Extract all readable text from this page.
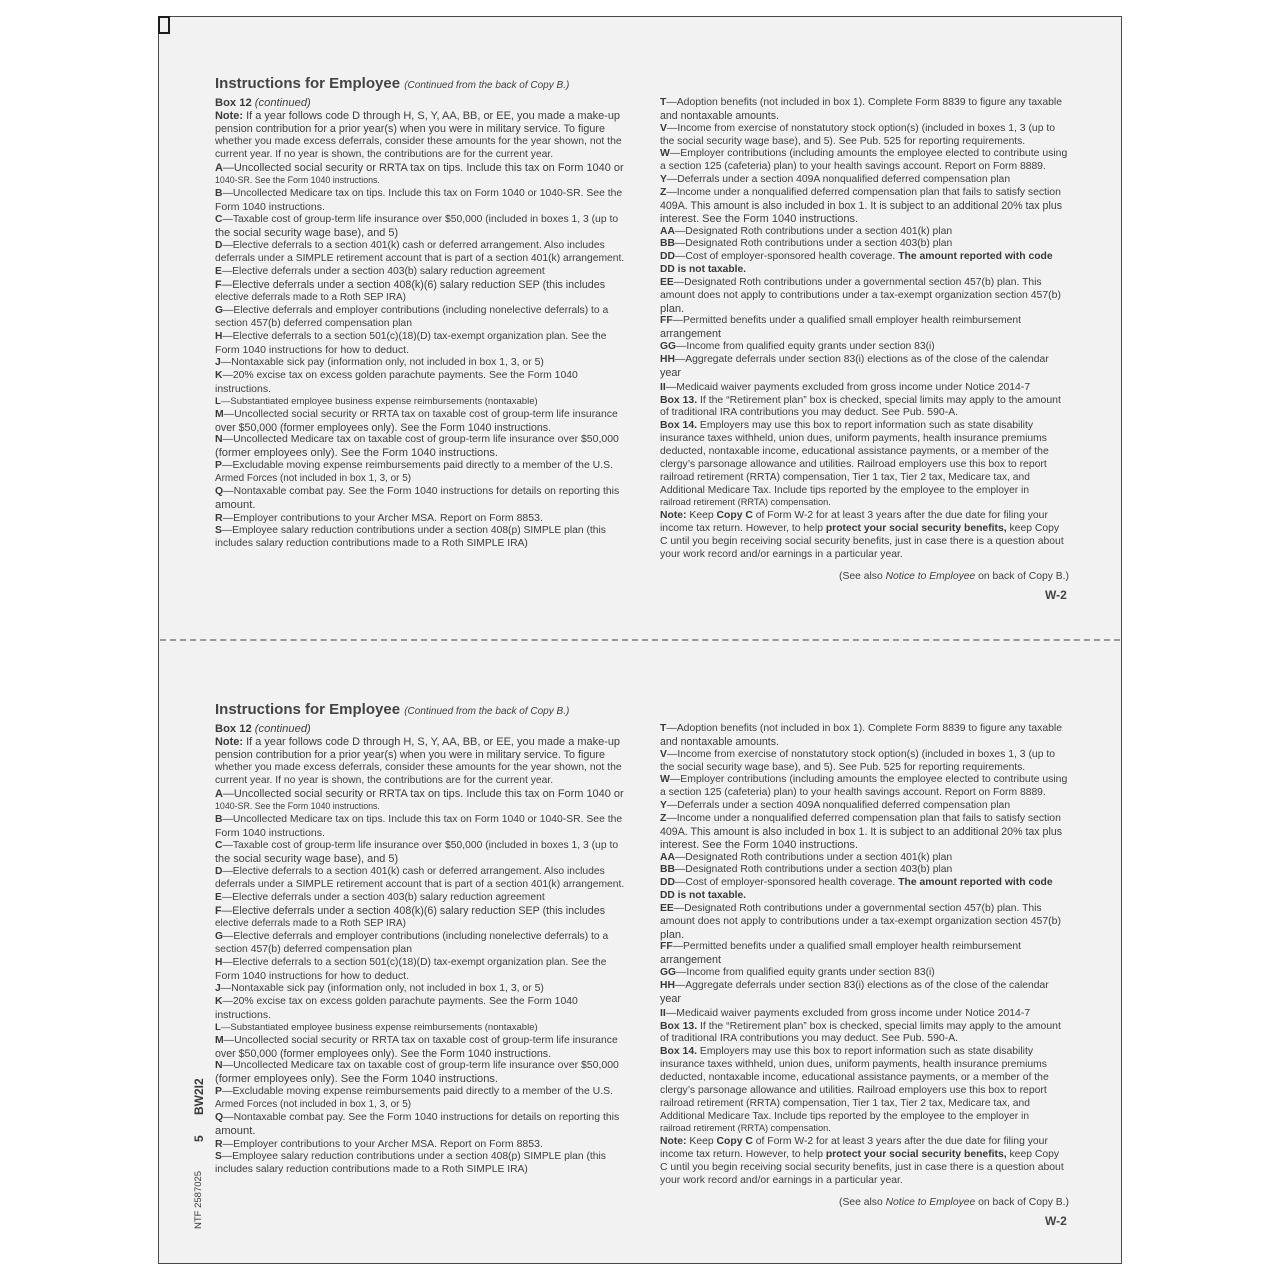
Instructions for Employee (Continued from the back of Copy B.)
Box 12 (continued)
Note: If a year follows code D through H, S, Y, AA, BB, or EE, you made a make-up
pension contribution for a prior year(s) when you were in military service. To figure
whether you made excess deferrals, consider these amounts for the year shown, not the
current year. If no year is shown, the contributions are for the current year.
A—Uncollected social security or RRTA tax on tips. Include this tax on Form 1040 or
1040-SR. See the Form 1040 instructions.
B—Uncollected Medicare tax on tips. Include this tax on Form 1040 or 1040-SR. See the
Form 1040 instructions.
C—Taxable cost of group-term life insurance over $50,000 (included in boxes 1, 3 (up to
the social security wage base), and 5)
D—Elective deferrals to a section 401(k) cash or deferred arrangement. Also includes
deferrals under a SIMPLE retirement account that is part of a section 401(k) arrangement.
E—Elective deferrals under a section 403(b) salary reduction agreement
F—Elective deferrals under a section 408(k)(6) salary reduction SEP (this includes
elective deferrals made to a Roth SEP IRA)
G—Elective deferrals and employer contributions (including nonelective deferrals) to a
section 457(b) deferred compensation plan
H—Elective deferrals to a section 501(c)(18)(D) tax-exempt organization plan. See the
Form 1040 instructions for how to deduct.
J—Nontaxable sick pay (information only, not included in box 1, 3, or 5)
K—20% excise tax on excess golden parachute payments. See the Form 1040
instructions.
L—Substantiated employee business expense reimbursements (nontaxable)
M—Uncollected social security or RRTA tax on taxable cost of group-term life insurance
over $50,000 (former employees only). See the Form 1040 instructions.
N—Uncollected Medicare tax on taxable cost of group-term life insurance over $50,000
(former employees only). See the Form 1040 instructions.
P—Excludable moving expense reimbursements paid directly to a member of the U.S.
Armed Forces (not included in box 1, 3, or 5)
Q—Nontaxable combat pay. See the Form 1040 instructions for details on reporting this
amount.
R—Employer contributions to your Archer MSA. Report on Form 8853.
S—Employee salary reduction contributions under a section 408(p) SIMPLE plan (this
includes salary reduction contributions made to a Roth SIMPLE IRA)
T—Adoption benefits (not included in box 1). Complete Form 8839 to figure any taxable
and nontaxable amounts.
V—Income from exercise of nonstatutory stock option(s) (included in boxes 1, 3 (up to
the social security wage base), and 5). See Pub. 525 for reporting requirements.
W—Employer contributions (including amounts the employee elected to contribute using
a section 125 (cafeteria) plan) to your health savings account. Report on Form 8889.
Y—Deferrals under a section 409A nonqualified deferred compensation plan
Z—Income under a nonqualified deferred compensation plan that fails to satisfy section
409A. This amount is also included in box 1. It is subject to an additional 20% tax plus
interest. See the Form 1040 instructions.
AA—Designated Roth contributions under a section 401(k) plan
BB—Designated Roth contributions under a section 403(b) plan
DD—Cost of employer-sponsored health coverage. The amount reported with code
DD is not taxable.
EE—Designated Roth contributions under a governmental section 457(b) plan. This
amount does not apply to contributions under a tax-exempt organization section 457(b)
plan.
FF—Permitted benefits under a qualified small employer health reimbursement
arrangement
GG—Income from qualified equity grants under section 83(i)
HH—Aggregate deferrals under section 83(i) elections as of the close of the calendar
year
II—Medicaid waiver payments excluded from gross income under Notice 2014-7
Box 13. If the “Retirement plan” box is checked, special limits may apply to the amount
of traditional IRA contributions you may deduct. See Pub. 590-A.
Box 14. Employers may use this box to report information such as state disability
insurance taxes withheld, union dues, uniform payments, health insurance premiums
deducted, nontaxable income, educational assistance payments, or a member of the
clergy’s parsonage allowance and utilities. Railroad employers use this box to report
railroad retirement (RRTA) compensation, Tier 1 tax, Tier 2 tax, Medicare tax, and
Additional Medicare Tax. Include tips reported by the employee to the employer in
railroad retirement (RRTA) compensation.
Note: Keep Copy C of Form W-2 for at least 3 years after the due date for filing your
income tax return. However, to help protect your social security benefits, keep Copy
C until you begin receiving social security benefits, just in case there is a question about
your work record and/or earnings in a particular year.
(See also Notice to Employee on back of Copy B.)
W-2
Instructions for Employee (Continued from the back of Copy B.)
Box 12 (continued)
Note: If a year follows code D through H, S, Y, AA, BB, or EE, you made a make-up
pension contribution for a prior year(s) when you were in military service. To figure
whether you made excess deferrals, consider these amounts for the year shown, not the
current year. If no year is shown, the contributions are for the current year.
A—Uncollected social security or RRTA tax on tips. Include this tax on Form 1040 or
1040-SR. See the Form 1040 instructions.
B—Uncollected Medicare tax on tips. Include this tax on Form 1040 or 1040-SR. See the
Form 1040 instructions.
C—Taxable cost of group-term life insurance over $50,000 (included in boxes 1, 3 (up to
the social security wage base), and 5)
D—Elective deferrals to a section 401(k) cash or deferred arrangement. Also includes
deferrals under a SIMPLE retirement account that is part of a section 401(k) arrangement.
E—Elective deferrals under a section 403(b) salary reduction agreement
F—Elective deferrals under a section 408(k)(6) salary reduction SEP (this includes
elective deferrals made to a Roth SEP IRA)
G—Elective deferrals and employer contributions (including nonelective deferrals) to a
section 457(b) deferred compensation plan
H—Elective deferrals to a section 501(c)(18)(D) tax-exempt organization plan. See the
Form 1040 instructions for how to deduct.
J—Nontaxable sick pay (information only, not included in box 1, 3, or 5)
K—20% excise tax on excess golden parachute payments. See the Form 1040
instructions.
L—Substantiated employee business expense reimbursements (nontaxable)
M—Uncollected social security or RRTA tax on taxable cost of group-term life insurance
over $50,000 (former employees only). See the Form 1040 instructions.
N—Uncollected Medicare tax on taxable cost of group-term life insurance over $50,000
(former employees only). See the Form 1040 instructions.
P—Excludable moving expense reimbursements paid directly to a member of the U.S.
Armed Forces (not included in box 1, 3, or 5)
Q—Nontaxable combat pay. See the Form 1040 instructions for details on reporting this
amount.
R—Employer contributions to your Archer MSA. Report on Form 8853.
S—Employee salary reduction contributions under a section 408(p) SIMPLE plan (this
includes salary reduction contributions made to a Roth SIMPLE IRA)
T—Adoption benefits (not included in box 1). Complete Form 8839 to figure any taxable
and nontaxable amounts.
V—Income from exercise of nonstatutory stock option(s) (included in boxes 1, 3 (up to
the social security wage base), and 5). See Pub. 525 for reporting requirements.
W—Employer contributions (including amounts the employee elected to contribute using
a section 125 (cafeteria) plan) to your health savings account. Report on Form 8889.
Y—Deferrals under a section 409A nonqualified deferred compensation plan
Z—Income under a nonqualified deferred compensation plan that fails to satisfy section
409A. This amount is also included in box 1. It is subject to an additional 20% tax plus
interest. See the Form 1040 instructions.
AA—Designated Roth contributions under a section 401(k) plan
BB—Designated Roth contributions under a section 403(b) plan
DD—Cost of employer-sponsored health coverage. The amount reported with code
DD is not taxable.
EE—Designated Roth contributions under a governmental section 457(b) plan. This
amount does not apply to contributions under a tax-exempt organization section 457(b)
plan.
FF—Permitted benefits under a qualified small employer health reimbursement
arrangement
GG—Income from qualified equity grants under section 83(i)
HH—Aggregate deferrals under section 83(i) elections as of the close of the calendar
year
II—Medicaid waiver payments excluded from gross income under Notice 2014-7
Box 13. If the “Retirement plan” box is checked, special limits may apply to the amount
of traditional IRA contributions you may deduct. See Pub. 590-A.
Box 14. Employers may use this box to report information such as state disability
insurance taxes withheld, union dues, uniform payments, health insurance premiums
deducted, nontaxable income, educational assistance payments, or a member of the
clergy’s parsonage allowance and utilities. Railroad employers use this box to report
railroad retirement (RRTA) compensation, Tier 1 tax, Tier 2 tax, Medicare tax, and
Additional Medicare Tax. Include tips reported by the employee to the employer in
railroad retirement (RRTA) compensation.
Note: Keep Copy C of Form W-2 for at least 3 years after the due date for filing your
income tax return. However, to help protect your social security benefits, keep Copy
C until you begin receiving social security benefits, just in case there is a question about
your work record and/or earnings in a particular year.
(See also Notice to Employee on back of Copy B.)
W-2
BW2I2
5
NTF 2587025
